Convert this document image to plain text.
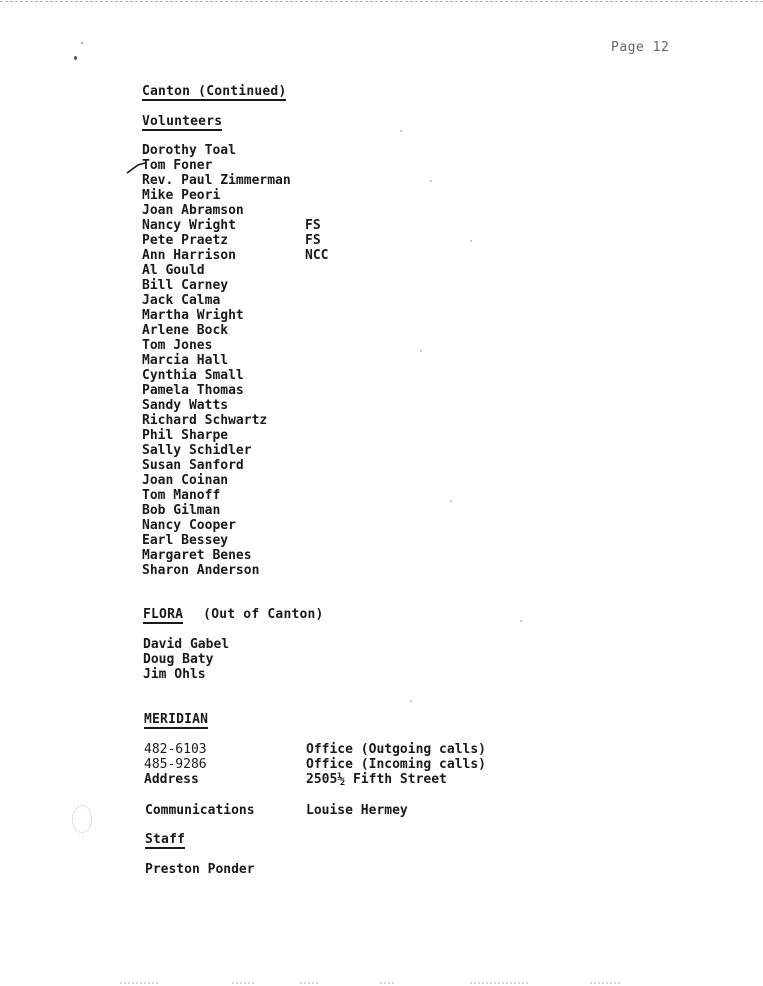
Page 12
Canton (Continued)
Volunteers
Dorothy Toal
Tom Foner
Rev. Paul Zimmerman
Mike Peori
Joan Abramson
Nancy Wright	FS
Pete Praetz	FS
Ann Harrison	NCC
Al Gould
Bill Carney
Jack Calma
Martha Wright
Arlene Bock
Tom Jones
Marcia Hall
Cynthia Small
Pamela Thomas
Sandy Watts
Richard Schwartz
Phil Sharpe
Sally Schidler
Susan Sanford
Joan Coinan
Tom Manoff
Bob Gilman
Nancy Cooper
Earl Bessey
Margaret Benes
Sharon Anderson
FLORA (Out of Canton)
David Gabel
Doug Baty
Jim Ohls
MERIDIAN
482-6103	Office (Outgoing calls)
485-9286	Office (Incoming calls)
Address	2505½ Fifth Street
Communications	Louise Hermey
Staff
Preston Ponder
